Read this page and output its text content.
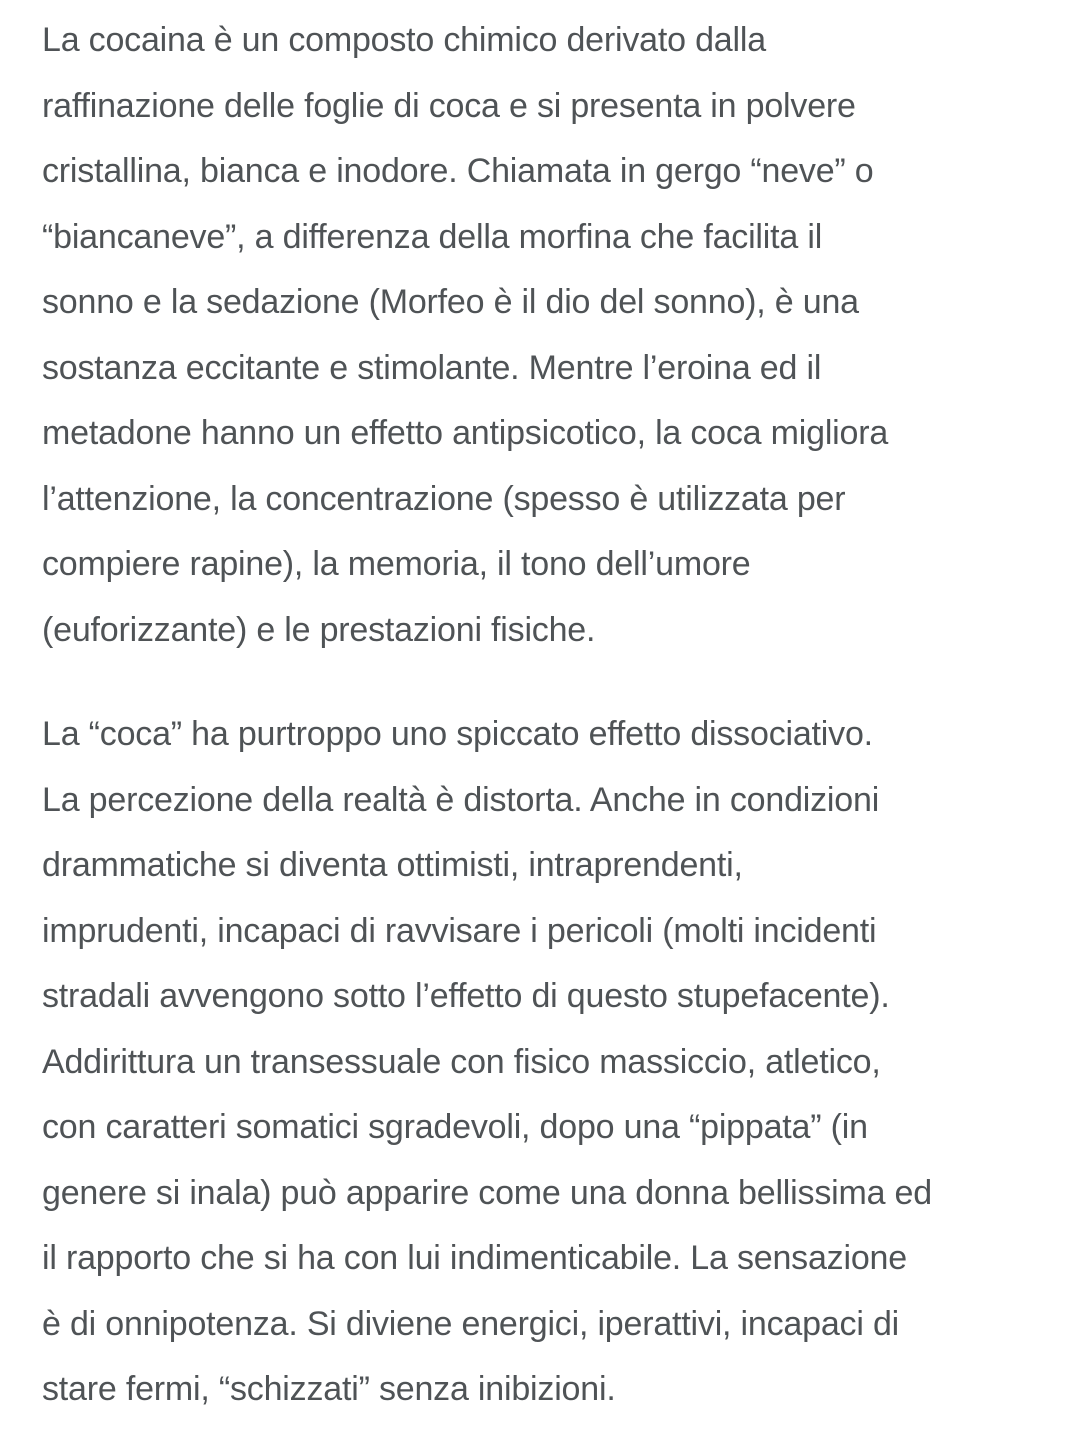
La cocaina è un composto chimico derivato dalla
raffinazione delle foglie di coca e si presenta in polvere
cristallina, bianca e inodore. Chiamata in gergo “neve” o
“biancaneve”, a differenza della morfina che facilita il
sonno e la sedazione (Morfeo è il dio del sonno), è una
sostanza eccitante e stimolante. Mentre l’eroina ed il
metadone hanno un effetto antipsicotico, la coca migliora
l’attenzione, la concentrazione (spesso è utilizzata per
compiere rapine), la memoria, il tono dell’umore
(euforizzante) e le prestazioni fisiche.

La “coca” ha purtroppo uno spiccato effetto dissociativo.
La percezione della realtà è distorta. Anche in condizioni
drammatiche si diventa ottimisti, intraprendenti,
imprudenti, incapaci di ravvisare i pericoli (molti incidenti
stradali avvengono sotto l’effetto di questo stupefacente).
Addirittura un transessuale con fisico massiccio, atletico,
con caratteri somatici sgradevoli, dopo una “pippata” (in
genere si inala) può apparire come una donna bellissima ed
il rapporto che si ha con lui indimenticabile. La sensazione
è di onnipotenza. Si diviene energici, iperattivi, incapaci di
stare fermi, “schizzati” senza inibizioni.
